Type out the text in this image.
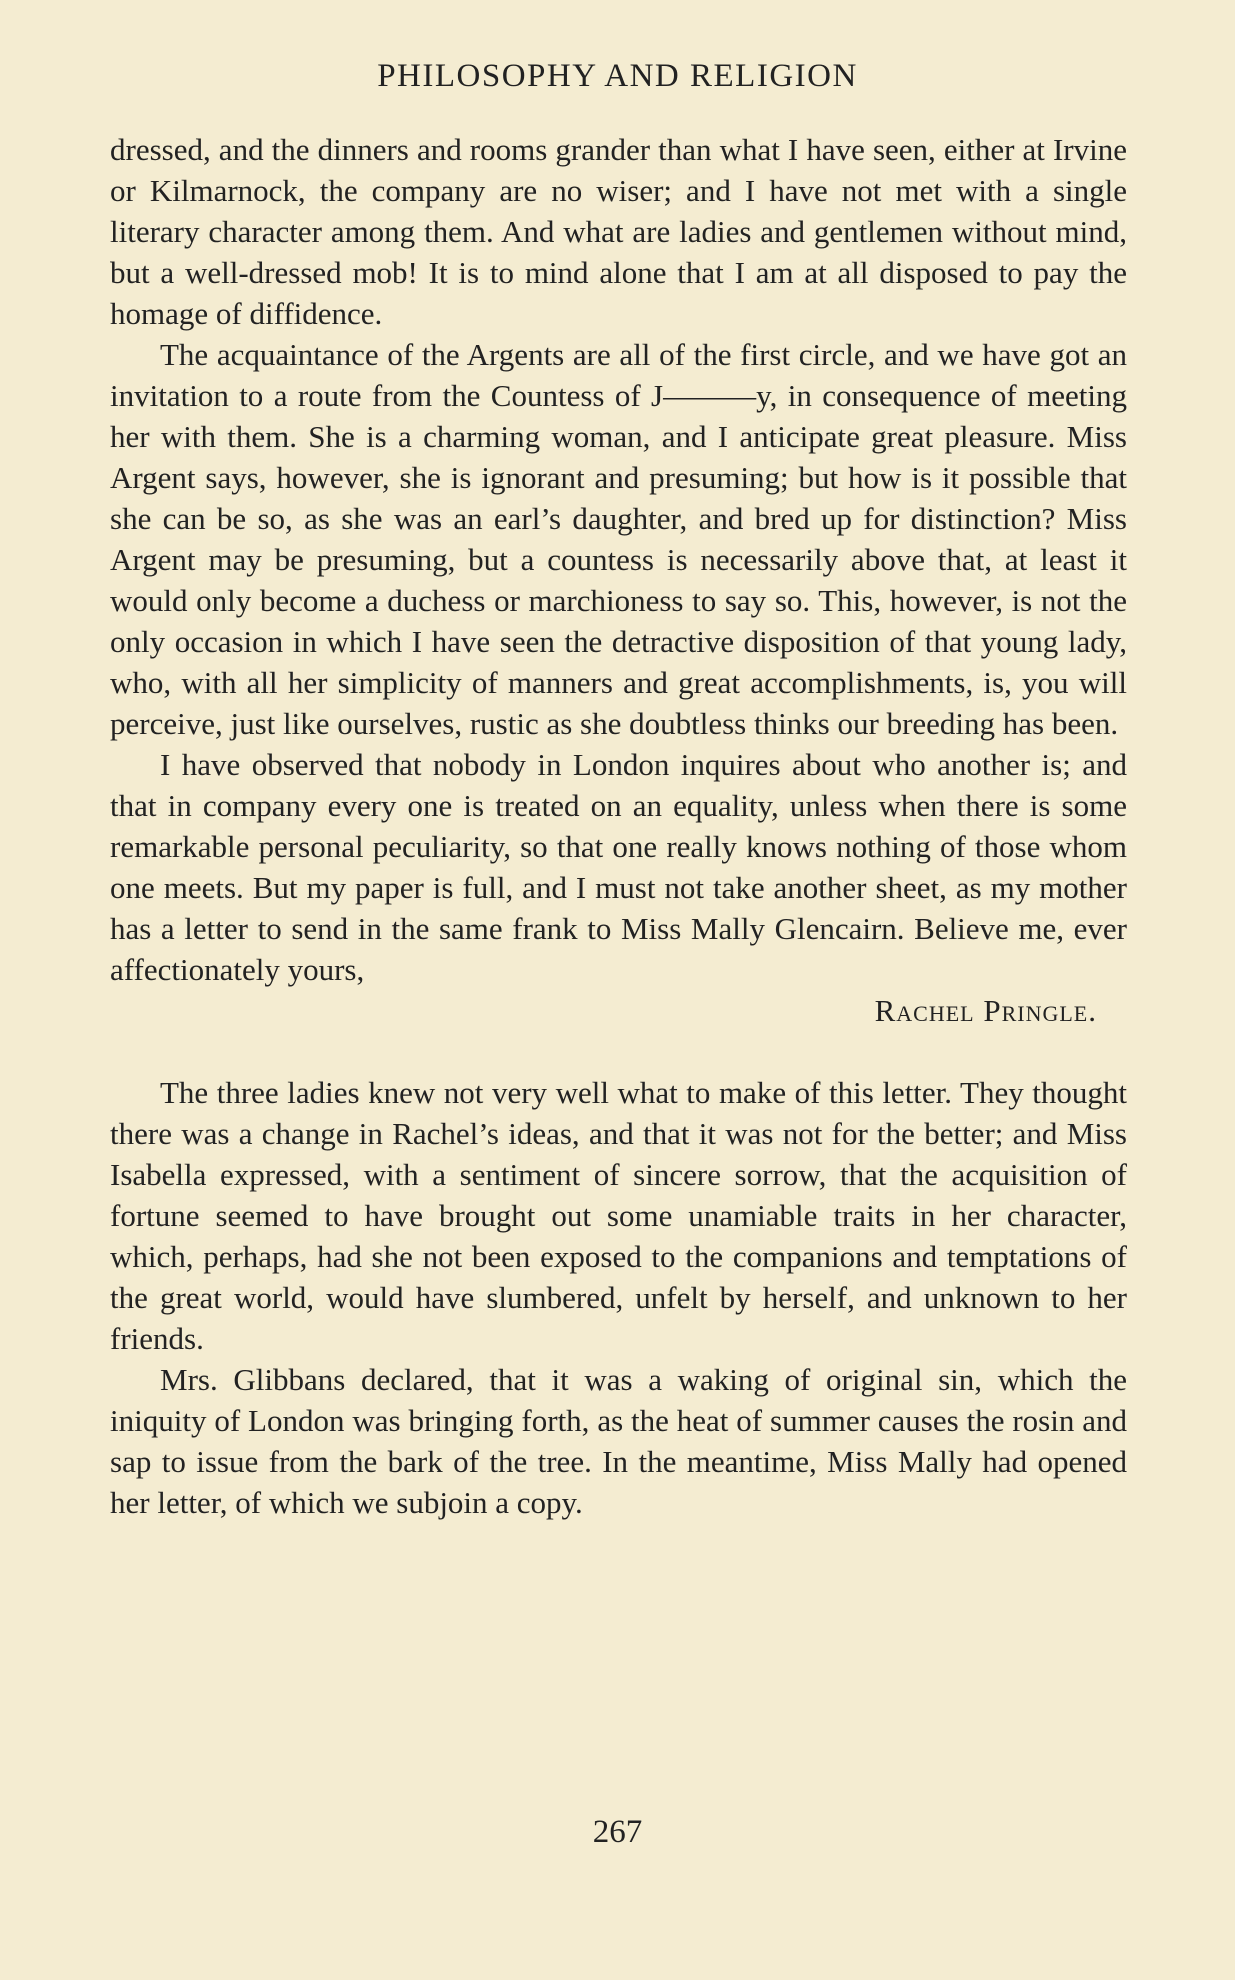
PHILOSOPHY AND RELIGION

dressed, and the dinners and rooms grander than what I have seen, either at Irvine or Kilmarnock, the company are no wiser; and I have not met with a single literary character among them. And what are ladies and gentlemen without mind, but a well-dressed mob! It is to mind alone that I am at all disposed to pay the homage of diffidence.

The acquaintance of the Argents are all of the first circle, and we have got an invitation to a route from the Countess of J———y, in consequence of meeting her with them. She is a charming woman, and I anticipate great pleasure. Miss Argent says, however, she is ignorant and presuming; but how is it possible that she can be so, as she was an earl’s daughter, and bred up for distinction? Miss Argent may be presuming, but a countess is necessarily above that, at least it would only become a duchess or marchioness to say so. This, however, is not the only occasion in which I have seen the detractive disposition of that young lady, who, with all her simplicity of manners and great accomplishments, is, you will perceive, just like ourselves, rustic as she doubtless thinks our breeding has been.

I have observed that nobody in London inquires about who another is; and that in company every one is treated on an equality, unless when there is some remarkable personal peculiarity, so that one really knows nothing of those whom one meets. But my paper is full, and I must not take another sheet, as my mother has a letter to send in the same frank to Miss Mally Glencairn. Believe me, ever affectionately yours,

Rachel Pringle.

The three ladies knew not very well what to make of this letter. They thought there was a change in Rachel’s ideas, and that it was not for the better; and Miss Isabella expressed, with a sentiment of sincere sorrow, that the acquisition of fortune seemed to have brought out some unamiable traits in her character, which, perhaps, had she not been exposed to the companions and temptations of the great world, would have slumbered, unfelt by herself, and unknown to her friends.

Mrs. Glibbans declared, that it was a waking of original sin, which the iniquity of London was bringing forth, as the heat of summer causes the rosin and sap to issue from the bark of the tree. In the meantime, Miss Mally had opened her letter, of which we subjoin a copy.

267
